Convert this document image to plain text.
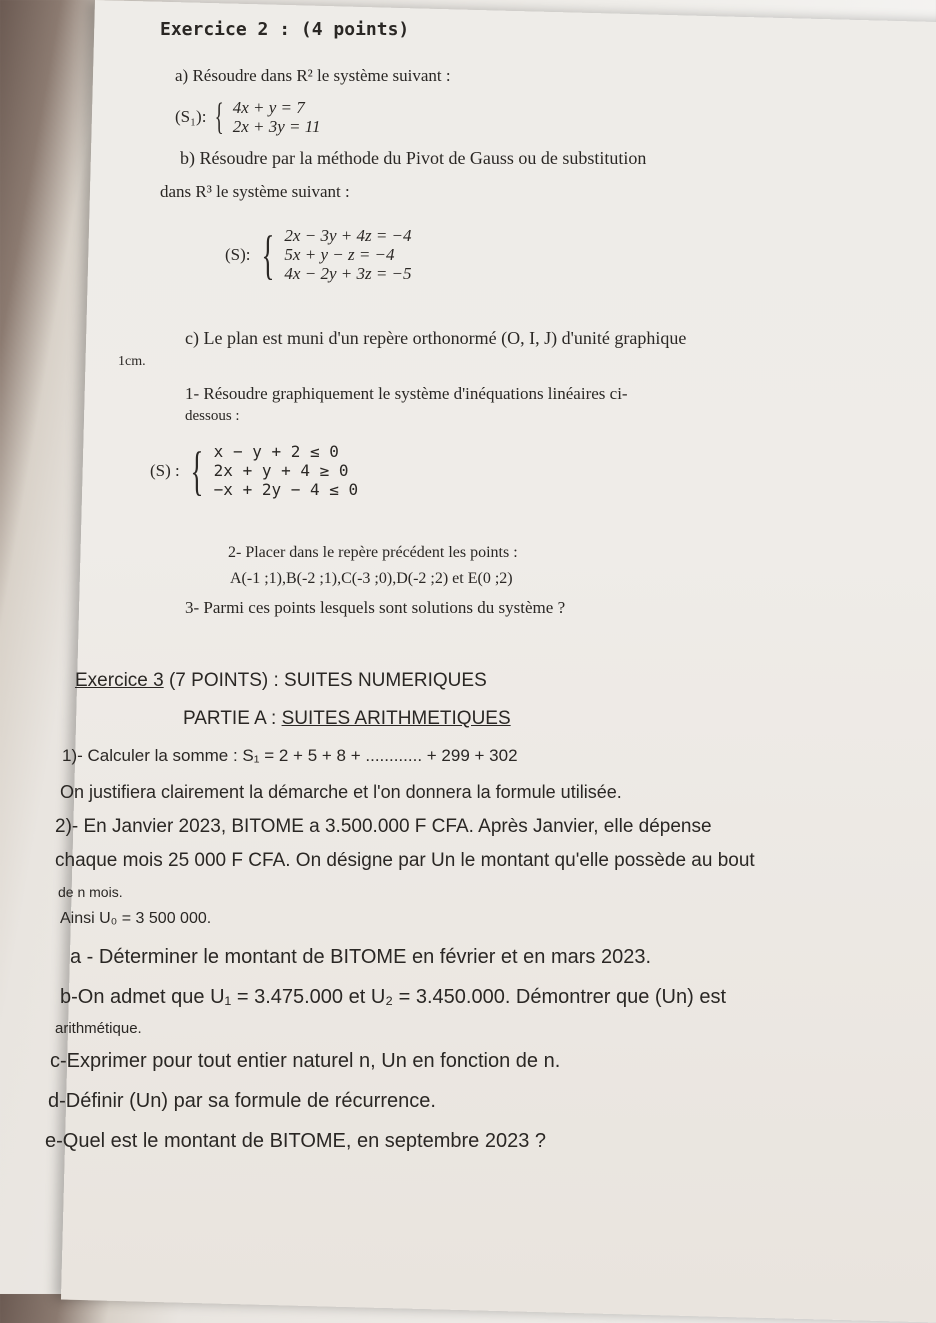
Exercice 2 : (4 points)
a) Résoudre dans R² le système suivant :
(S₁): { 4x + y = 7
2x + 3y = 11
b) Résoudre par la méthode du Pivot de Gauss ou de substitution
dans R³ le système suivant :
(S): { 2x − 3y + 4z = −4
5x + y − z = −4
4x − 2y + 3z = −5
c) Le plan est muni d'un repère orthonormé (O, I, J) d'unité graphique
1cm.
1- Résoudre graphiquement le système d'inéquations linéaires ci-
dessous :
(S) : { x − y + 2 ≤ 0
2x + y + 4 ≥ 0
−x + 2y − 4 ≤ 0
2- Placer dans le repère précédent les points :
A(-1 ;1),B(-2 ;1),C(-3 ;0),D(-2 ;2) et E(0 ;2)
3- Parmi ces points lesquels sont solutions du système ?
Exercice 3 (7 POINTS) : SUITES NUMERIQUES
PARTIE A : SUITES ARITHMETIQUES
1)- Calculer la somme : S₁ = 2 + 5 + 8 + ............ + 299 + 302
On justifiera clairement la démarche et l'on donnera la formule utilisée.
2)- En Janvier 2023, BITOME a 3.500.000 F CFA. Après Janvier, elle dépense
chaque mois 25 000 F CFA. On désigne par Un le montant qu'elle possède au bout
de n mois.
Ainsi U₀ = 3 500 000.
a - Déterminer le montant de BITOME en février et en mars 2023.
b-On admet que U₁ = 3.475.000 et U₂ = 3.450.000. Démontrer que (Un) est
arithmétique.
c-Exprimer pour tout entier naturel n, Un en fonction de n.
d-Définir (Un) par sa formule de récurrence.
e-Quel est le montant de BITOME, en septembre 2023 ?
